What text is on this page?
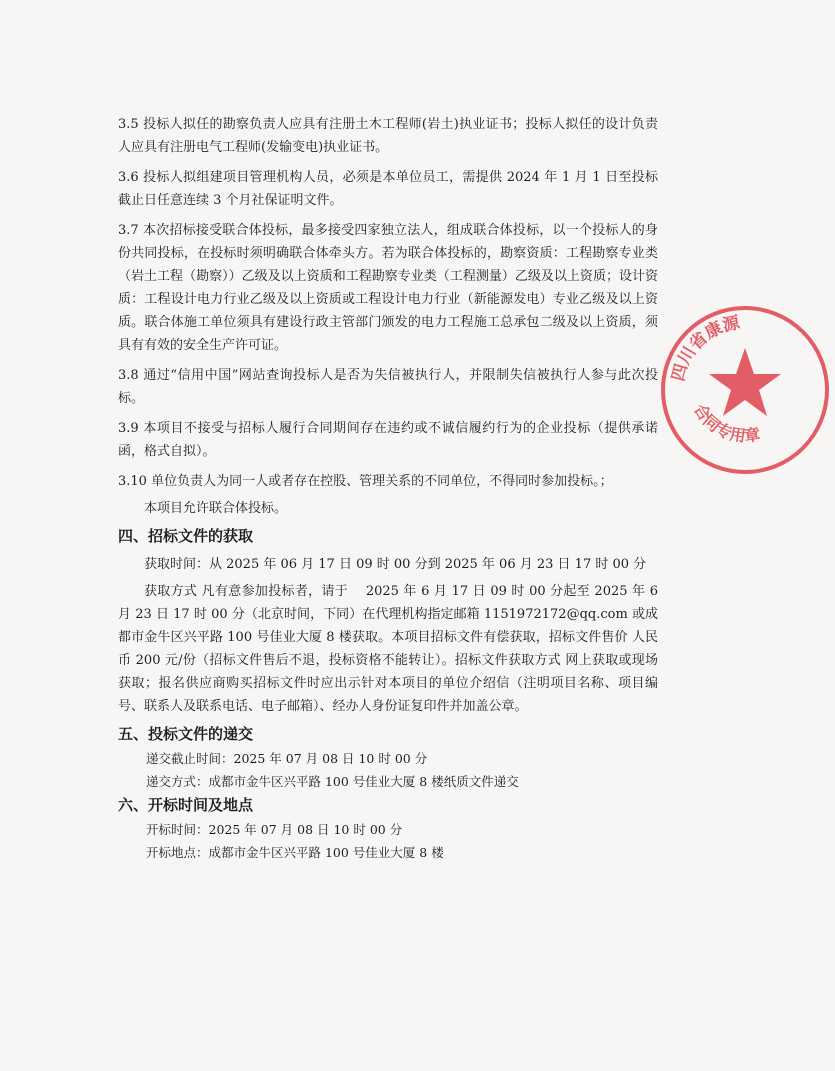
3.5 投标人拟任的勘察负责人应具有注册土木工程师(岩土)执业证书；投标人拟任的设计负责人应具有注册电气工程师(发输变电)执业证书。

3.6 投标人拟组建项目管理机构人员，必须是本单位员工，需提供 2024 年 1 月 1 日至投标截止日任意连续 3 个月社保证明文件。

3.7 本次招标接受联合体投标，最多接受四家独立法人，组成联合体投标，以一个投标人的身份共同投标，在投标时须明确联合体牵头方。若为联合体投标的，勘察资质：工程勘察专业类（岩土工程（勘察））乙级及以上资质和工程勘察专业类（工程测量）乙级及以上资质；设计资质：工程设计电力行业乙级及以上资质或工程设计电力行业（新能源发电）专业乙级及以上资质。联合体施工单位须具有建设行政主管部门颁发的电力工程施工总承包二级及以上资质，须具有有效的安全生产许可证。

3.8 通过“信用中国”网站查询投标人是否为失信被执行人，并限制失信被执行人参与此次投标。

3.9 本项目不接受与招标人履行合同期间存在违约或不诚信履约行为的企业投标（提供承诺函，格式自拟）。

3.10 单位负责人为同一人或者存在控股、管理关系的不同单位，不得同时参加投标。；

本项目允许联合体投标。

四、招标文件的获取

获取时间：从 2025 年 06 月 17 日 09 时 00 分到 2025 年 06 月 23 日 17 时 00 分

获取方式 凡有意参加投标者，请于　 2025 年 6 月 17 日 09 时 00 分起至 2025 年 6 月 23 日 17 时 00 分（北京时间，下同）在代理机构指定邮箱 1151972172@qq.com 或成都市金牛区兴平路 100 号佳业大厦 8 楼获取。本项目招标文件有偿获取，招标文件售价 人民币 200 元/份（招标文件售后不退，投标资格不能转让）。招标文件获取方式 网上获取或现场获取；报名供应商购买招标文件时应出示针对本项目的单位介绍信（注明项目名称、项目编号、联系人及联系电话、电子邮箱）、经办人身份证复印件并加盖公章。

五、投标文件的递交

递交截止时间：2025 年 07 月 08 日 10 时 00 分

递交方式：成都市金牛区兴平路 100 号佳业大厦 8 楼纸质文件递交

六、开标时间及地点

开标时间：2025 年 07 月 08 日 10 时 00 分

开标地点：成都市金牛区兴平路 100 号佳业大厦 8 楼

四川省康源
合同专用章
